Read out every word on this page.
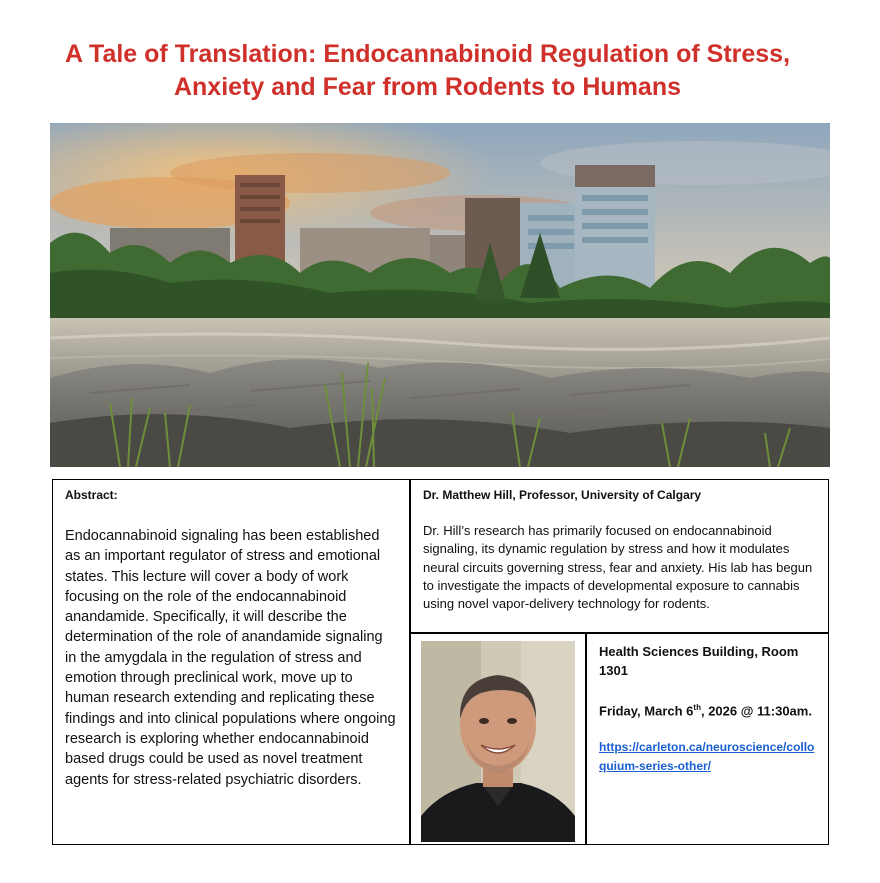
A Tale of Translation: Endocannabinoid Regulation of Stress, Anxiety and Fear from Rodents to Humans

Abstract:

Endocannabinoid signaling has been established as an important regulator of stress and emotional states. This lecture will cover a body of work focusing on the role of the endocannabinoid anandamide. Specifically, it will describe the determination of the role of anandamide signaling in the amygdala in the regulation of stress and emotion through preclinical work, move up to human research extending and replicating these findings and into clinical populations where ongoing research is exploring whether endocannabinoid based drugs could be used as novel treatment agents for stress-related psychiatric disorders.

Dr. Matthew Hill, Professor, University of Calgary

Dr. Hill’s research has primarily focused on endocannabinoid signaling, its dynamic regulation by stress and how it modulates neural circuits governing stress, fear and anxiety. His lab has begun to investigate the impacts of developmental exposure to cannabis using novel vapor-delivery technology for rodents.

Health Sciences Building, Room 1301

Friday, March 6th, 2026 @ 11:30am.

https://carleton.ca/neuroscience/colloquium-series-other/
